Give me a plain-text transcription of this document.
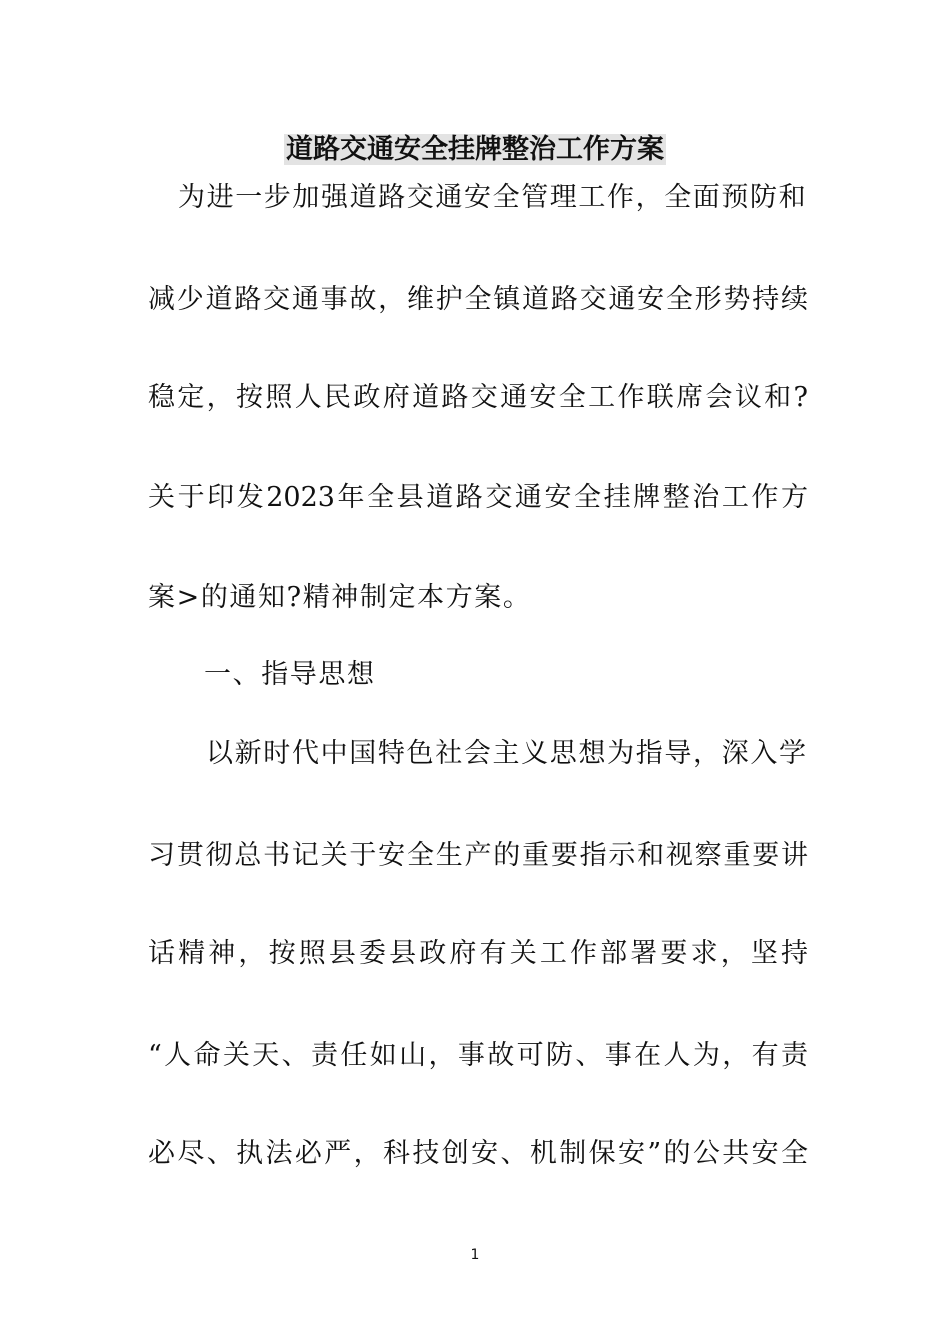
道路交通安全挂牌整治工作方案
为进一步加强道路交通安全管理工作，全面预防和
减少道路交通事故，维护全镇道路交通安全形势持续
稳定，按照人民政府道路交通安全工作联席会议和?
关于印发2023年全县道路交通安全挂牌整治工作方
案>的通知?精神制定本方案。
一、指导思想
以新时代中国特色社会主义思想为指导，深入学
习贯彻总书记关于安全生产的重要指示和视察重要讲
话精神，按照县委县政府有关工作部署要求，坚持
“人命关天、责任如山，事故可防、事在人为，有责
必尽、执法必严，科技创安、机制保安”的公共安全
1
